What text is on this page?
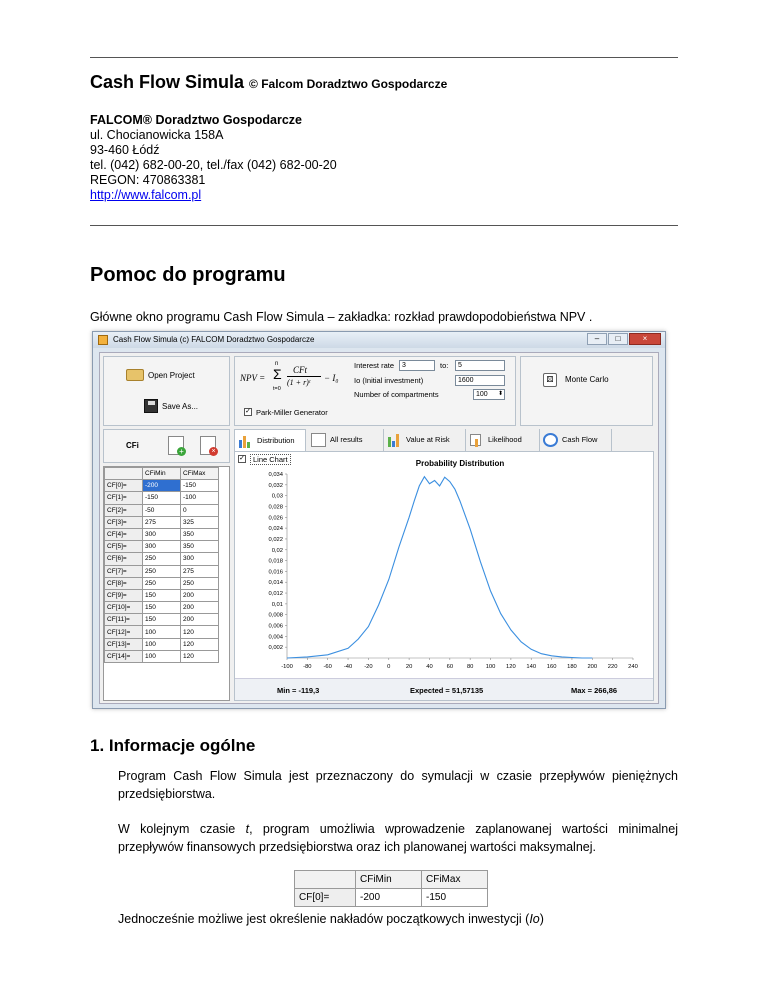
Cash Flow Simula © Falcom Doradztwo Gospodarcze
FALCOM® Doradztwo Gospodarcze
ul. Chocianowicka 158A
93-460 Łódź
tel. (042) 682-00-20, tel./fax (042) 682-00-20
REGON: 470863381
http://www.falcom.pl
Pomoc do programu
Główne okno programu Cash Flow Simula – zakładka: rozkład prawdopodobieństwa NPV .
Cash Flow Simula (c) FALCOM Doradztwo Gospodarcze	–	□	×
Open Project
Save As...
NPV =
n
Σ
t=0
CFt
(1 + r)ᵗ − I₀
Interest rate	3	to:	5
Io (Initial investment)	1600
Number of compartments	100 ⬍
✓ Park-Miller Generator
⚄	Monte Carlo
CFi
+	×
Distribution	All results	Value at Risk	Likelihood	Cash Flow
	CFiMin	CFiMax
CF[0]=	-200	-150
CF[1]=	-150	-100
CF[2]=	-50	0
CF[3]=	275	325
CF[4]=	300	350
CF[5]=	300	350
CF[6]=	250	300
CF[7]=	250	275
CF[8]=	250	250
CF[9]=	150	200
CF[10]=	150	200
CF[11]=	150	200
CF[12]=	100	120
CF[13]=	100	120
CF[14]=	100	120
✓	Line Chart	Probability Distribution
0,034
0,032
0,03
0,028
0,026
0,024
0,022
0,02
0,018
0,016
0,014
0,012
0,01
0,008
0,006
0,004
0,002
-100 -80 -60 -40 -20	0	20 40 60 80 100 120 140 160 180 200 220 240
Min = -119,3	Expected = 51,57135	Max = 266,86
1. Informacje ogólne
Program Cash Flow Simula jest przeznaczony do symulacji w czasie przepływów pieniężnych przedsiębiorstwa.
W kolejnym czasie t, program umożliwia wprowadzenie zaplanowanej wartości minimalnej przepływów finansowych przedsiębiorstwa oraz ich planowanej wartości maksymalnej.
	CFiMin	CFiMax
CF[0]=	-200	-150
Jednocześnie możliwe jest określenie nakładów początkowych inwestycji (Io)
